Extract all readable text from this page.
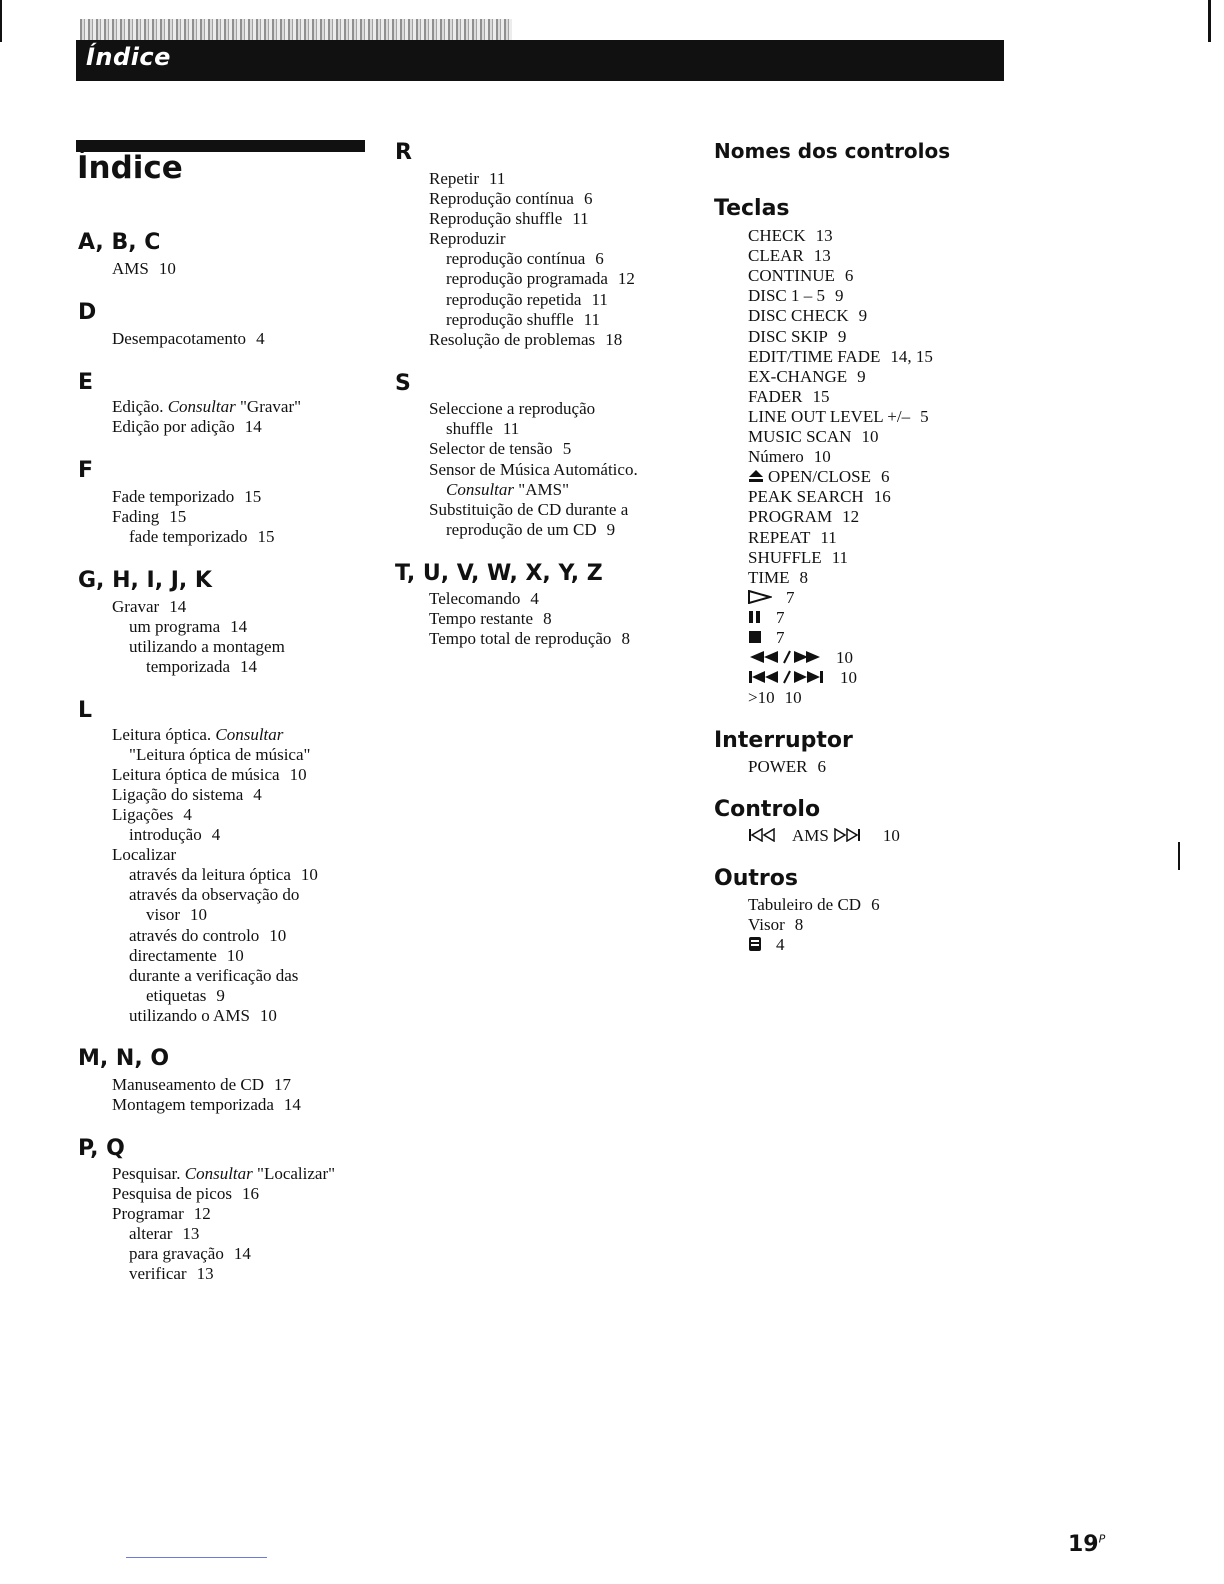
Índice
Índice
A, B, C
AMS 10
D
Desempacotamento 4
E
Edição. Consultar "Gravar"
Edição por adição 14
F
Fade temporizado 15
Fading 15
fade temporizado 15
G, H, I, J, K
Gravar 14
um programa 14
utilizando a montagem
temporizada 14
L
Leitura óptica. Consultar
"Leitura óptica de música"
Leitura óptica de música 10
Ligação do sistema 4
Ligações 4
introdução 4
Localizar
através da leitura óptica 10
através da observação do
visor 10
através do controlo 10
directamente 10
durante a verificação das
etiquetas 9
utilizando o AMS 10
M, N, O
Manuseamento de CD 17
Montagem temporizada 14
P, Q
Pesquisar. Consultar "Localizar"
Pesquisa de picos 16
Programar 12
alterar 13
para gravação 14
verificar 13
R
Repetir 11
Reprodução contínua 6
Reprodução shuffle 11
Reproduzir
reprodução contínua 6
reprodução programada 12
reprodução repetida 11
reprodução shuffle 11
Resolução de problemas 18
S
Seleccione a reprodução
shuffle 11
Selector de tensão 5
Sensor de Música Automático.
Consultar "AMS"
Substituição de CD durante a
reprodução de um CD 9
T, U, V, W, X, Y, Z
Telecomando 4
Tempo restante 8
Tempo total de reprodução 8
Nomes dos controlos
Teclas
CHECK 13
CLEAR 13
CONTINUE 6
DISC 1 – 5 9
DISC CHECK 9
DISC SKIP 9
EDIT/TIME FADE 14, 15
EX-CHANGE 9
FADER 15
LINE OUT LEVEL +/– 5
MUSIC SCAN 10
Número 10
OPEN/CLOSE 6
PEAK SEARCH 16
PROGRAM 12
REPEAT 11
SHUFFLE 11
TIME 8
7
7
7
10
10
>10 10
Interruptor
POWER 6
Controlo
AMS	10
Outros
Tabuleiro de CD 6
Visor 8
4
$19^P$
